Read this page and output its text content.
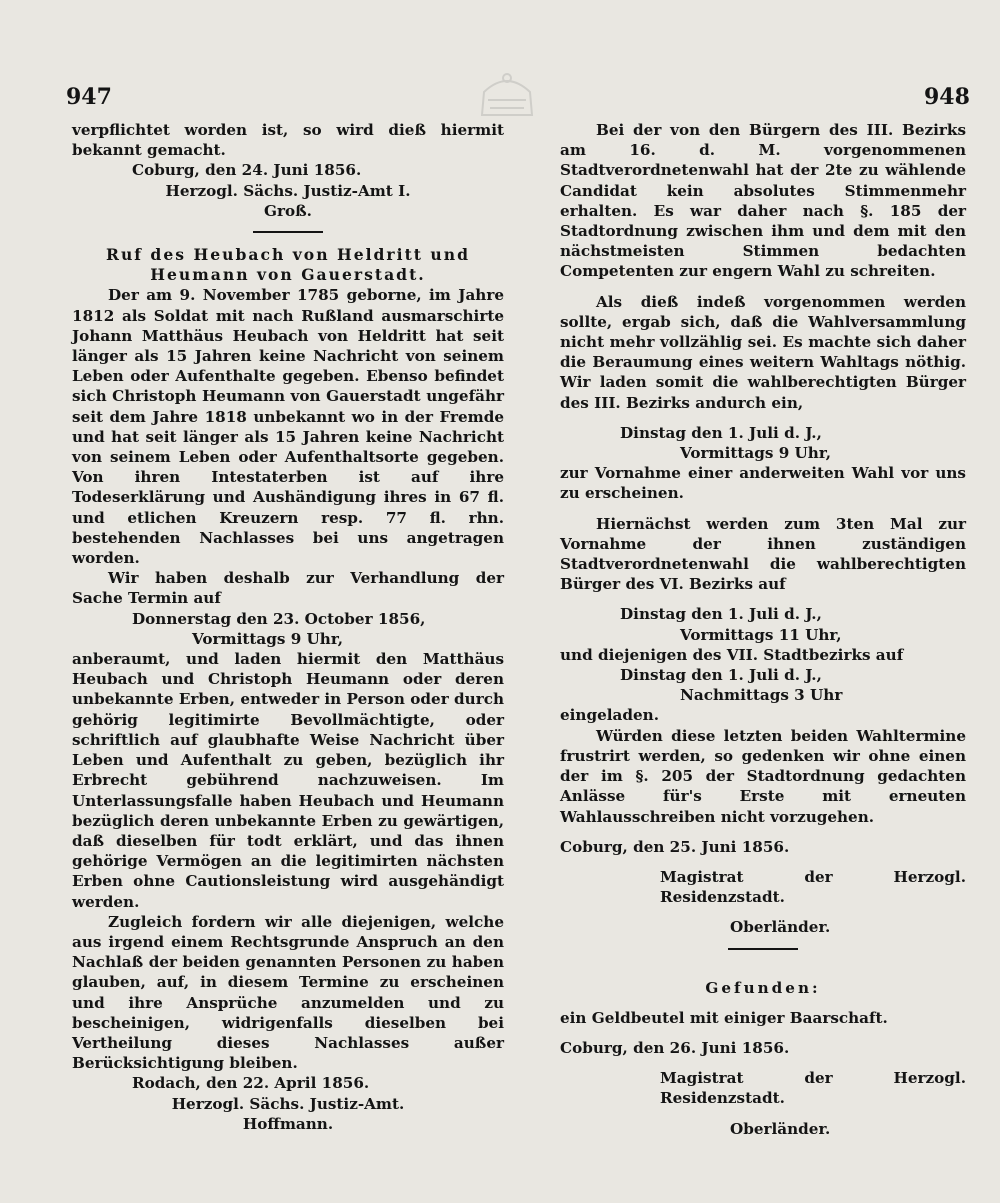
947	948

verpflichtet worden ist, so wird dieß hiermit bekannt gemacht.

Coburg, den 24. Juni 1856.

Herzogl. Sächs. Justiz-Amt I.

Groß.

Ruf des Heubach von Heldritt und Heumann von Gauerstadt.

Der am 9. November 1785 geborne, im Jahre 1812 als Soldat mit nach Rußland ausmarschirte Johann Matthäus Heubach von Heldritt hat seit länger als 15 Jahren keine Nachricht von seinem Leben oder Aufenthalte gegeben. Ebenso befindet sich Christoph Heumann von Gauerstadt ungefähr seit dem Jahre 1818 unbekannt wo in der Fremde und hat seit länger als 15 Jahren keine Nachricht von seinem Leben oder Aufenthaltsorte gegeben. Von ihren Intestaterben ist auf ihre Todeserklärung und Aushändigung ihres in 67 fl. und etlichen Kreuzern resp. 77 fl. rhn. bestehenden Nachlasses bei uns angetragen worden.

Wir haben deshalb zur Verhandlung der Sache Termin auf

Donnerstag den 23. October 1856,

Vormittags 9 Uhr,

anberaumt, und laden hiermit den Matthäus Heubach und Christoph Heumann oder deren unbekannte Erben, entweder in Person oder durch gehörig legitimirte Bevollmächtigte, oder schriftlich auf glaubhafte Weise Nachricht über Leben und Aufenthalt zu geben, bezüglich ihr Erbrecht gebührend nachzuweisen. Im Unterlassungsfalle haben Heubach und Heumann bezüglich deren unbekannte Erben zu gewärtigen, daß dieselben für todt erklärt, und das ihnen gehörige Vermögen an die legitimirten nächsten Erben ohne Cautionsleistung wird ausgehändigt werden.

Zugleich fordern wir alle diejenigen, welche aus irgend einem Rechtsgrunde Anspruch an den Nachlaß der beiden genannten Personen zu haben glauben, auf, in diesem Termine zu erscheinen und ihre Ansprüche anzumelden und zu bescheinigen, widrigenfalls dieselben bei Vertheilung dieses Nachlasses außer Berücksichtigung bleiben.

Rodach, den 22. April 1856.

Herzogl. Sächs. Justiz-Amt.

Hoffmann.

Bei der von den Bürgern des III. Bezirks am 16. d. M. vorgenommenen Stadtverordnetenwahl hat der 2te zu wählende Candidat kein absolutes Stimmenmehr erhalten. Es war daher nach §. 185 der Stadtordnung zwischen ihm und dem mit den nächstmeisten Stimmen bedachten Competenten zur engern Wahl zu schreiten.

Als dieß indeß vorgenommen werden sollte, ergab sich, daß die Wahlversammlung nicht mehr vollzählig sei. Es machte sich daher die Beraumung eines weitern Wahltags nöthig. Wir laden somit die wahlberechtigten Bürger des III. Bezirks andurch ein,

Dinstag den 1. Juli d. J.,

Vormittags 9 Uhr,

zur Vornahme einer anderweiten Wahl vor uns zu erscheinen.

Hiernächst werden zum 3ten Mal zur Vornahme der ihnen zuständigen Stadtverordnetenwahl die wahlberechtigten Bürger des VI. Bezirks auf

Dinstag den 1. Juli d. J.,

Vormittags 11 Uhr,

und diejenigen des VII. Stadtbezirks auf

Dinstag den 1. Juli d. J.,

Nachmittags 3 Uhr

eingeladen.

Würden diese letzten beiden Wahltermine frustrirt werden, so gedenken wir ohne einen der im §. 205 der Stadtordnung gedachten Anlässe für's Erste mit erneuten Wahlausschreiben nicht vorzugehen.

Coburg, den 25. Juni 1856.

Magistrat der Herzogl. Residenzstadt.

Oberländer.

Gefunden:

ein Geldbeutel mit einiger Baarschaft.

Coburg, den 26. Juni 1856.

Magistrat der Herzogl. Residenzstadt.

Oberländer.
